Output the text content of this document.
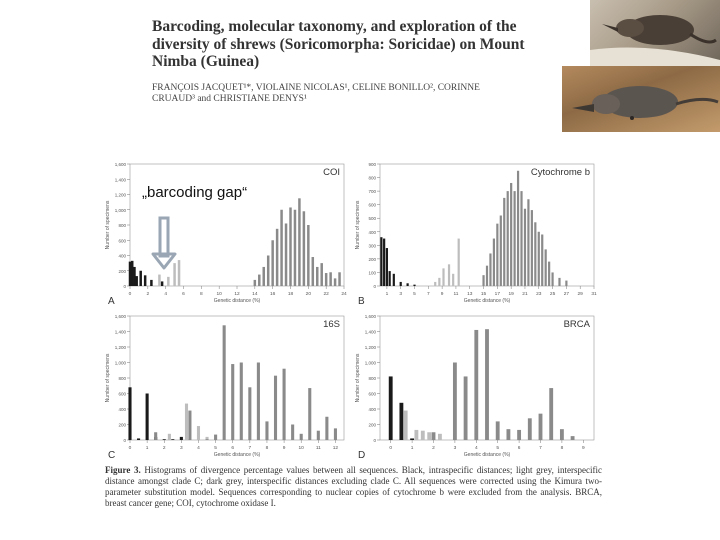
Barcoding, molecular taxonomy, and exploration of the diversity of shrews (Soricomorpha: Soricidae) on Mount Nimba (Guinea)
FRANÇOIS JACQUET¹*, VIOLAINE NICOLAS¹, CELINE BONILLO², CORINNE CRUAUD³ and CHRISTIANE DENYS¹
0
200
400
600
800
1,000
1,200
1,400
1,600
0	2	4	6	8	10	12	14	16	18	20	22	24
COI
Genetic distance (%)
Number of specimens
A
0
100
200
300
400
500
600
700
800
900
1 3 5 7 9 11 13 15 17 19 21 23 25 27 29 31
Cytochrome b
Genetic distance (%)
Number of specimens
B
0
200
400
600
800
1,000
1,200
1,400
1,600
0	1	2	3	4	5	6	7	8	9	10 11 12
16S
Genetic distance (%)
Number of specimens
C
0
200
400
600
800
1,000
1,200
1,400
1,600
0	1	2	3	4	5	6	7	8	9
BRCA
Genetic distance (%)
Number of specimens
D
„barcoding gap“
Figure 3. Histograms of divergence percentage values between all sequences. Black, intraspecific distances; light grey, interspecific distance amongst clade C; dark grey, interspecific distances excluding clade C. All sequences were corrected using the Kimura two-parameter substitution model. Sequences corresponding to nuclear copies of cytochrome b were excluded from the analysis. BRCA, breast cancer gene; COI, cytochrome oxidase I.
